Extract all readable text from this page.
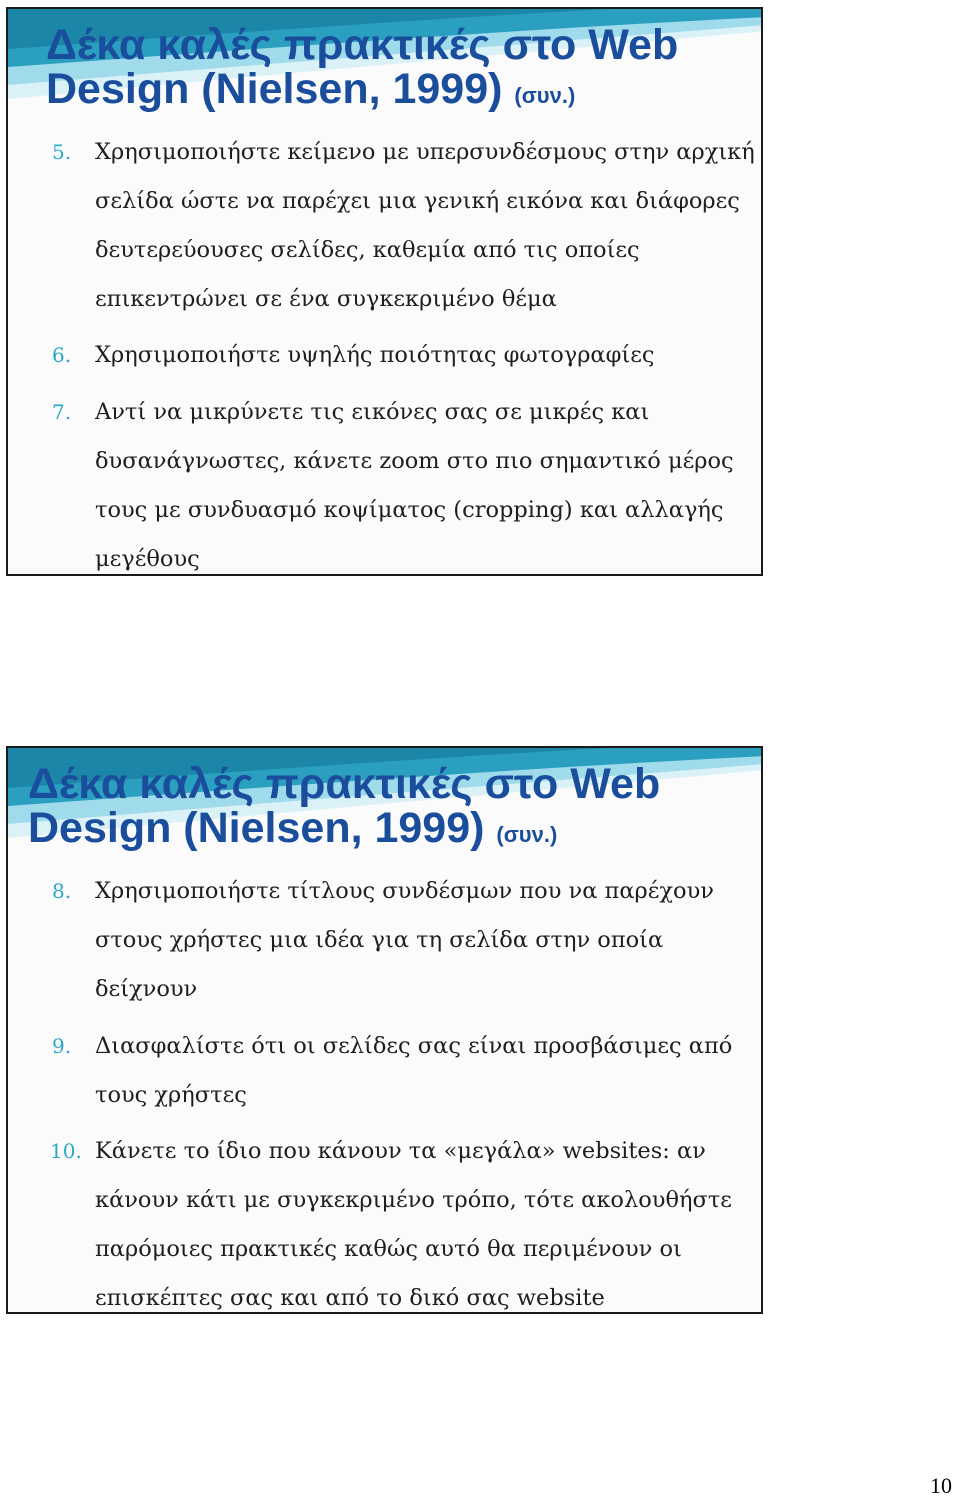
Δέκα καλές πρακτικές στο Web Design (Nielsen, 1999) (συν.)
5. Χρησιμοποιήστε κείμενο με υπερσυνδέσμους στην αρχική σελίδα ώστε να παρέχει μια γενική εικόνα και διάφορες δευτερεύουσες σελίδες, καθεμία από τις οποίες επικεντρώνει σε ένα συγκεκριμένο θέμα

6. Χρησιμοποιήστε υψηλής ποιότητας φωτογραφίες

7. Αντί να μικρύνετε τις εικόνες σας σε μικρές και δυσανάγνωστες, κάνετε zoom στο πιο σημαντικό μέρος τους με συνδυασμό κοψίματος (cropping) και αλλαγής μεγέθους

Δέκα καλές πρακτικές στο Web Design (Nielsen, 1999) (συν.)
8. Χρησιμοποιήστε τίτλους συνδέσμων που να παρέχουν στους χρήστες μια ιδέα για τη σελίδα στην οποία δείχνουν

9. Διασφαλίστε ότι οι σελίδες σας είναι προσβάσιμες από τους χρήστες

10. Κάνετε το ίδιο που κάνουν τα «μεγάλα» websites: αν κάνουν κάτι με συγκεκριμένο τρόπο, τότε ακολουθήστε παρόμοιες πρακτικές καθώς αυτό θα περιμένουν οι επισκέπτες σας και από το δικό σας website

10
